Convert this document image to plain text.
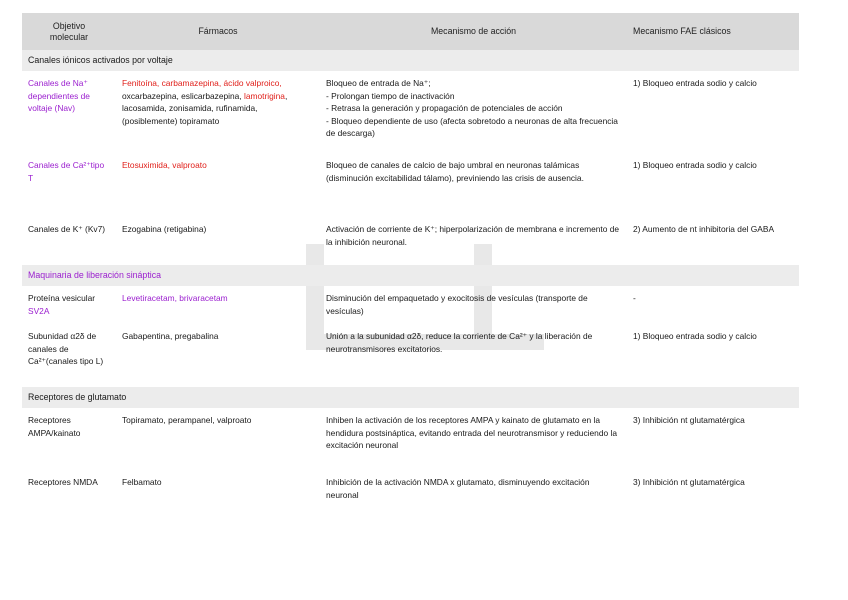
Objetivo molecular	Fármacos	Mecanismo de acción	Mecanismo FAE clásicos
Canales iónicos activados por voltaje			
Canales de Na⁺ dependientes de voltaje (Nav)	Fenitoína, carbamazepina, ácido valproico, oxcarbazepina, eslicarbazepina, lamotrigina, lacosamida, zonisamida, rufinamida, (posiblemente) topiramato	Bloqueo de entrada de Na⁺;
- Prolongan tiempo de inactivación
- Retrasa la generación y propagación de potenciales de acción
- Bloqueo dependiente de uso (afecta sobretodo a neuronas de alta frecuencia de descarga)	1) Bloqueo entrada sodio y calcio
Canales de Ca²⁺tipo T	Etosuximida, valproato	Bloqueo de canales de calcio de bajo umbral en neuronas talámicas (disminución excitabilidad tálamo), previniendo las crisis de ausencia.	1) Bloqueo entrada sodio y calcio
Canales de K⁺ (Kv7)	Ezogabina (retigabina)	Activación de corriente de K⁺; hiperpolarización de membrana e incremento de la inhibición neuronal.	2) Aumento de nt inhibitoria del GABA
Maquinaria de liberación sináptica			
Proteína vesicular SV2A	Levetiracetam, brivaracetam	Disminución del empaquetado y exocitosis de vesículas (transporte de vesículas)	-
Subunidad α2δ de canales de Ca²⁺(canales tipo L)	Gabapentina, pregabalina	Unión a la subunidad α2δ, reduce la corriente de Ca²⁺ y la liberación de neurotransmisores excitatorios.	1) Bloqueo entrada sodio y calcio
Receptores de glutamato			
Receptores AMPA/kainato	Topiramato, perampanel, valproato	Inhiben la activación de los receptores AMPA y kainato de glutamato en la hendidura postsináptica, evitando entrada del neurotransmisor y reduciendo la excitación neuronal	3) Inhibición nt glutamatérgica
Receptores NMDA	Felbamato	Inhibición de la activación NMDA x glutamato, disminuyendo excitación neuronal	3) Inhibición nt glutamatérgica
